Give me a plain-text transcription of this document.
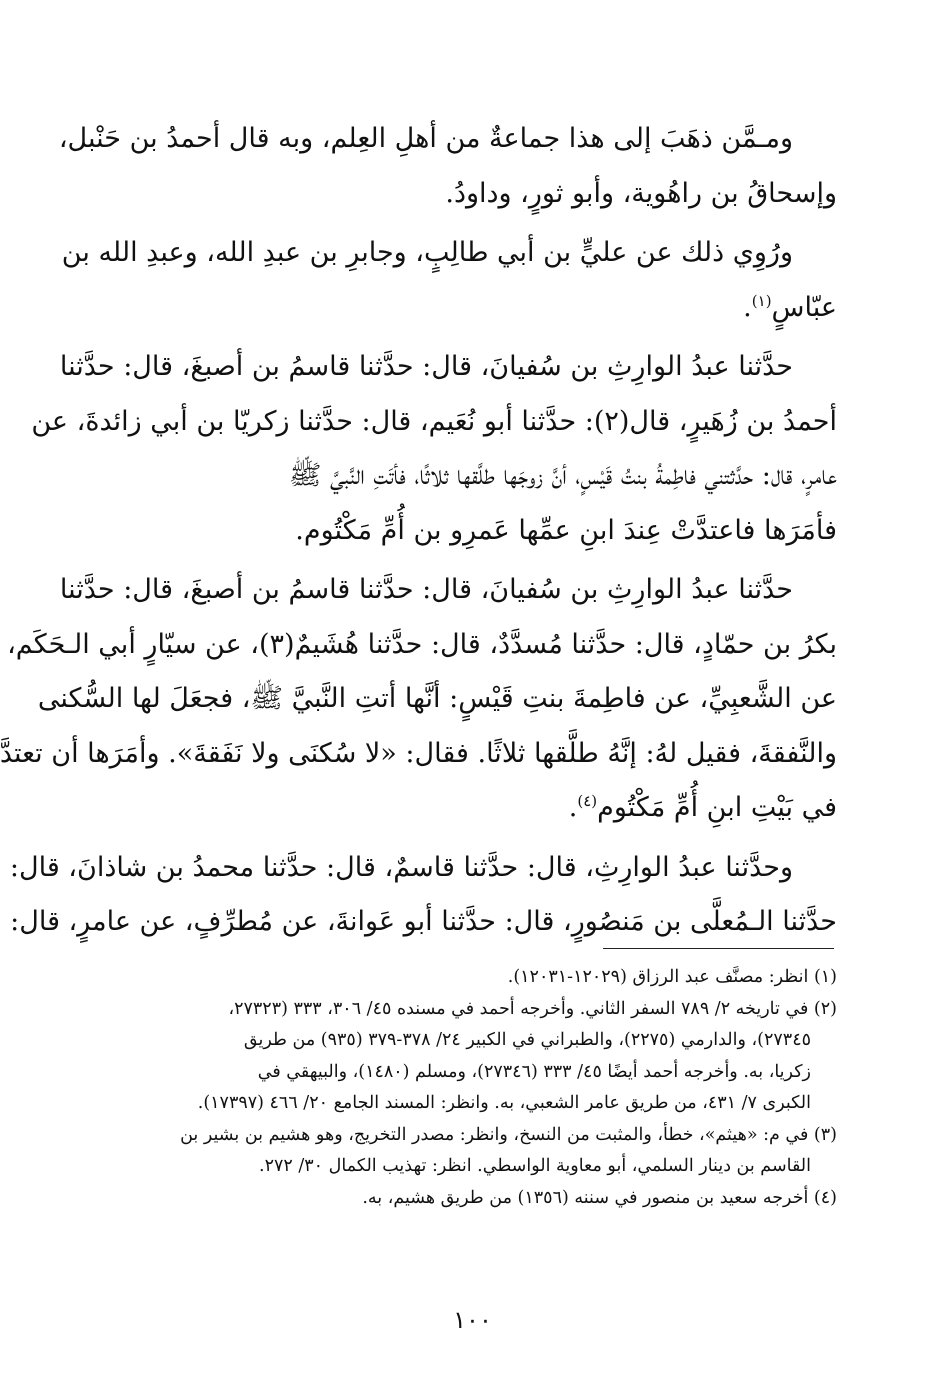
ومـمَّن ذهَبَ إلى هذا جماعةٌ من أهلِ العِلم، وبه قال أحمدُ بن حَنْبل،
وإسحاقُ بن راهُوية، وأبو ثورٍ، وداودُ.

ورُوِي ذلك عن عليٍّ بن أبي طالِبٍ، وجابرِ بن عبدِ الله، وعبدِ الله بن
عبّاسٍ$^{(١)}$.

حدَّثنا عبدُ الوارِثِ بن سُفيانَ، قال: حدَّثنا قاسمُ بن أصبغَ، قال: حدَّثنا
أحمدُ بن زُهَيرٍ، قال(٢): حدَّثنا أبو نُعَيم، قال: حدَّثنا زكريّا بن أبي زائدةَ، عن
عامرٍ، قال: حدَّثتني فاطِمةُ بنتُ قَيْسٍ، أنَّ زوجَها طلَّقها ثلاثًا، فأتَتِ النَّبيَّ ﷺ
فأمَرَها فاعتدَّتْ عِندَ ابنِ عمِّها عَمرِو بن أُمِّ مَكْتُوم.

حدَّثنا عبدُ الوارِثِ بن سُفيانَ، قال: حدَّثنا قاسمُ بن أصبغَ، قال: حدَّثنا
بكرُ بن حمّادٍ، قال: حدَّثنا مُسدَّدٌ، قال: حدَّثنا هُشَيمٌ(٣)، عن سيّارٍ أبي الـحَكَم،
عن الشَّعبِيِّ، عن فاطِمةَ بنتِ قَيْسٍ: أنَّها أتتِ النَّبيَّ ﷺ، فجعَلَ لها السُّكنى
والنَّفقةَ، فقيل لهُ: إنَّهُ طلَّقها ثلاثًا. فقال: «لا سُكنَى ولا نَفَقةَ». وأمَرَها أن تعتدَّ
في بَيْتِ ابنِ أُمِّ مَكْتُوم$^{(٤)}$.

وحدَّثنا عبدُ الوارِثِ، قال: حدَّثنا قاسمٌ، قال: حدَّثنا محمدُ بن شاذانَ، قال:
حدَّثنا الـمُعلَّى بن مَنصُورٍ، قال: حدَّثنا أبو عَوانةَ، عن مُطرِّفٍ، عن عامرٍ، قال:

(١) انظر: مصنَّف عبد الرزاق (١٢٠٢٩-١٢٠٣١).

(٢) في تاريخه ٢/ ٧٨٩ السفر الثاني. وأخرجه أحمد في مسنده ٤٥/ ٣٠٦، ٣٣٣ (٢٧٣٢٣،
٢٧٣٤٥)، والدارمي (٢٢٧٥)، والطبراني في الكبير ٢٤/ ٣٧٨-٣٧٩ (٩٣٥) من طريق
زكريا، به. وأخرجه أحمد أيضًا ٤٥/ ٣٣٣ (٢٧٣٤٦)، ومسلم (١٤٨٠)، والبيهقي في
الكبرى ٧/ ٤٣١، من طريق عامر الشعبي، به. وانظر: المسند الجامع ٢٠/ ٤٦٦ (١٧٣٩٧).

(٣) في م: «هيثم»، خطأ، والمثبت من النسخ، وانظر: مصدر التخريج، وهو هشيم بن بشير بن
القاسم بن دينار السلمي، أبو معاوية الواسطي. انظر: تهذيب الكمال ٣٠/ ٢٧٢.

(٤) أخرجه سعيد بن منصور في سننه (١٣٥٦) من طريق هشيم، به.

١٠٠
